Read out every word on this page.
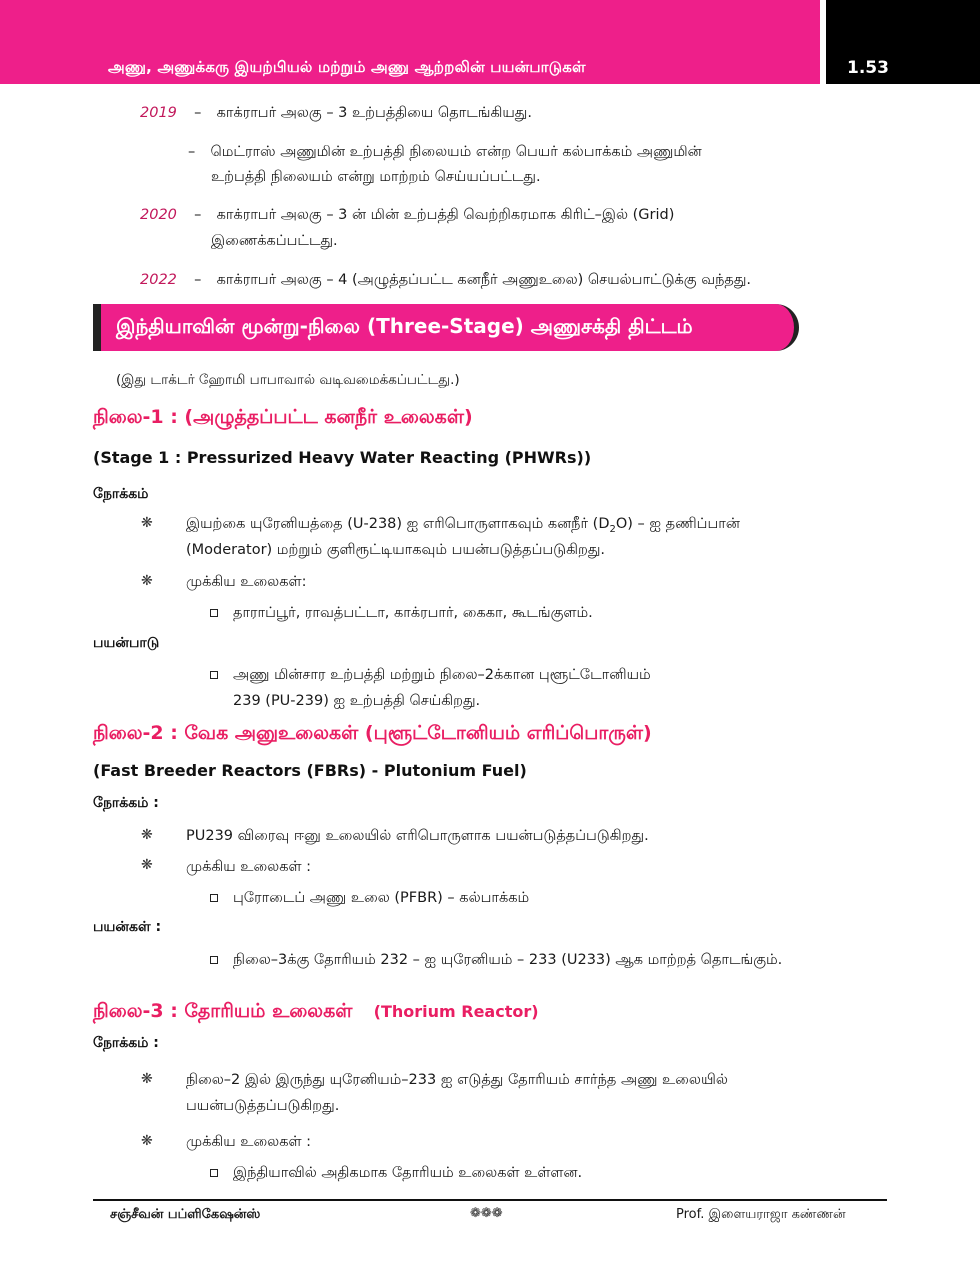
அணு, அணுக்கரு இயற்பியல் மற்றும் அணு ஆற்றலின் பயன்பாடுகள்	1.53
2019 – காக்ராபர் அலகு – 3 உற்பத்தியை தொடங்கியது.
– மெட்ராஸ் அணுமின் உற்பத்தி நிலையம் என்ற பெயர் கல்பாக்கம் அணுமின்
உற்பத்தி நிலையம் என்று மாற்றம் செய்யப்பட்டது.
2020 – காக்ராபர் அலகு – 3 ன் மின் உற்பத்தி வெற்றிகரமாக கிரிட்–இல் (Grid)
இணைக்கப்பட்டது.
2022 – காக்ராபர் அலகு – 4 (அழுத்தப்பட்ட கனநீர் அணுஉலை) செயல்பாட்டுக்கு வந்தது.
இந்தியாவின் மூன்று-நிலை (Three-Stage) அணுசக்தி திட்டம்
(இது டாக்டர் ஹோமி பாபாவால் வடிவமைக்கப்பட்டது.)
நிலை-1 : (அழுத்தப்பட்ட கனநீர் உலைகள்)
(Stage 1 : Pressurized Heavy Water Reacting (PHWRs))
நோக்கம்
❋ இயற்கை யுரேனியத்தை (U-238) ஐ எரிபொருளாகவும் கனநீர் $(D_2O)$ – ஐ தணிப்பான்
(Moderator) மற்றும் குளிரூட்டியாகவும் பயன்படுத்தப்படுகிறது.
❋ முக்கிய உலைகள்:
தாராப்பூர், ராவத்பட்டா, காக்ரபார், கைகா, கூடங்குளம்.
பயன்பாடு
அணு மின்சார உற்பத்தி மற்றும் நிலை–2க்கான புளூட்டோனியம்
239 (PU-239) ஐ உற்பத்தி செய்கிறது.
நிலை-2 : வேக அனுஉலைகள் (புளூட்டோனியம் எரிப்பொருள்)
(Fast Breeder Reactors (FBRs) - Plutonium Fuel)
நோக்கம் :
❋ PU239 விரைவு ஈனு உலையில் எரிபொருளாக பயன்படுத்தப்படுகிறது.
❋ முக்கிய உலைகள் :
புரோடைப் அணு உலை (PFBR) – கல்பாக்கம்
பயன்கள் :
நிலை–3க்கு தோரியம் 232 – ஐ யுரேனியம் – 233 (U233) ஆக மாற்றத் தொடங்கும்.
நிலை-3 : தோரியம் உலைகள் (Thorium Reactor)
நோக்கம் :
❋ நிலை–2 இல் இருந்து யுரேனியம்–233 ஐ எடுத்து தோரியம் சார்ந்த அணு உலையில்
பயன்படுத்தப்படுகிறது.
❋ முக்கிய உலைகள் :
இந்தியாவில் அதிகமாக தோரியம் உலைகள் உள்ளன.
சஞ்சீவன் பப்ளிகேஷன்ஸ்	❁❁❁	Prof. இளையராஜா கண்ணன்
